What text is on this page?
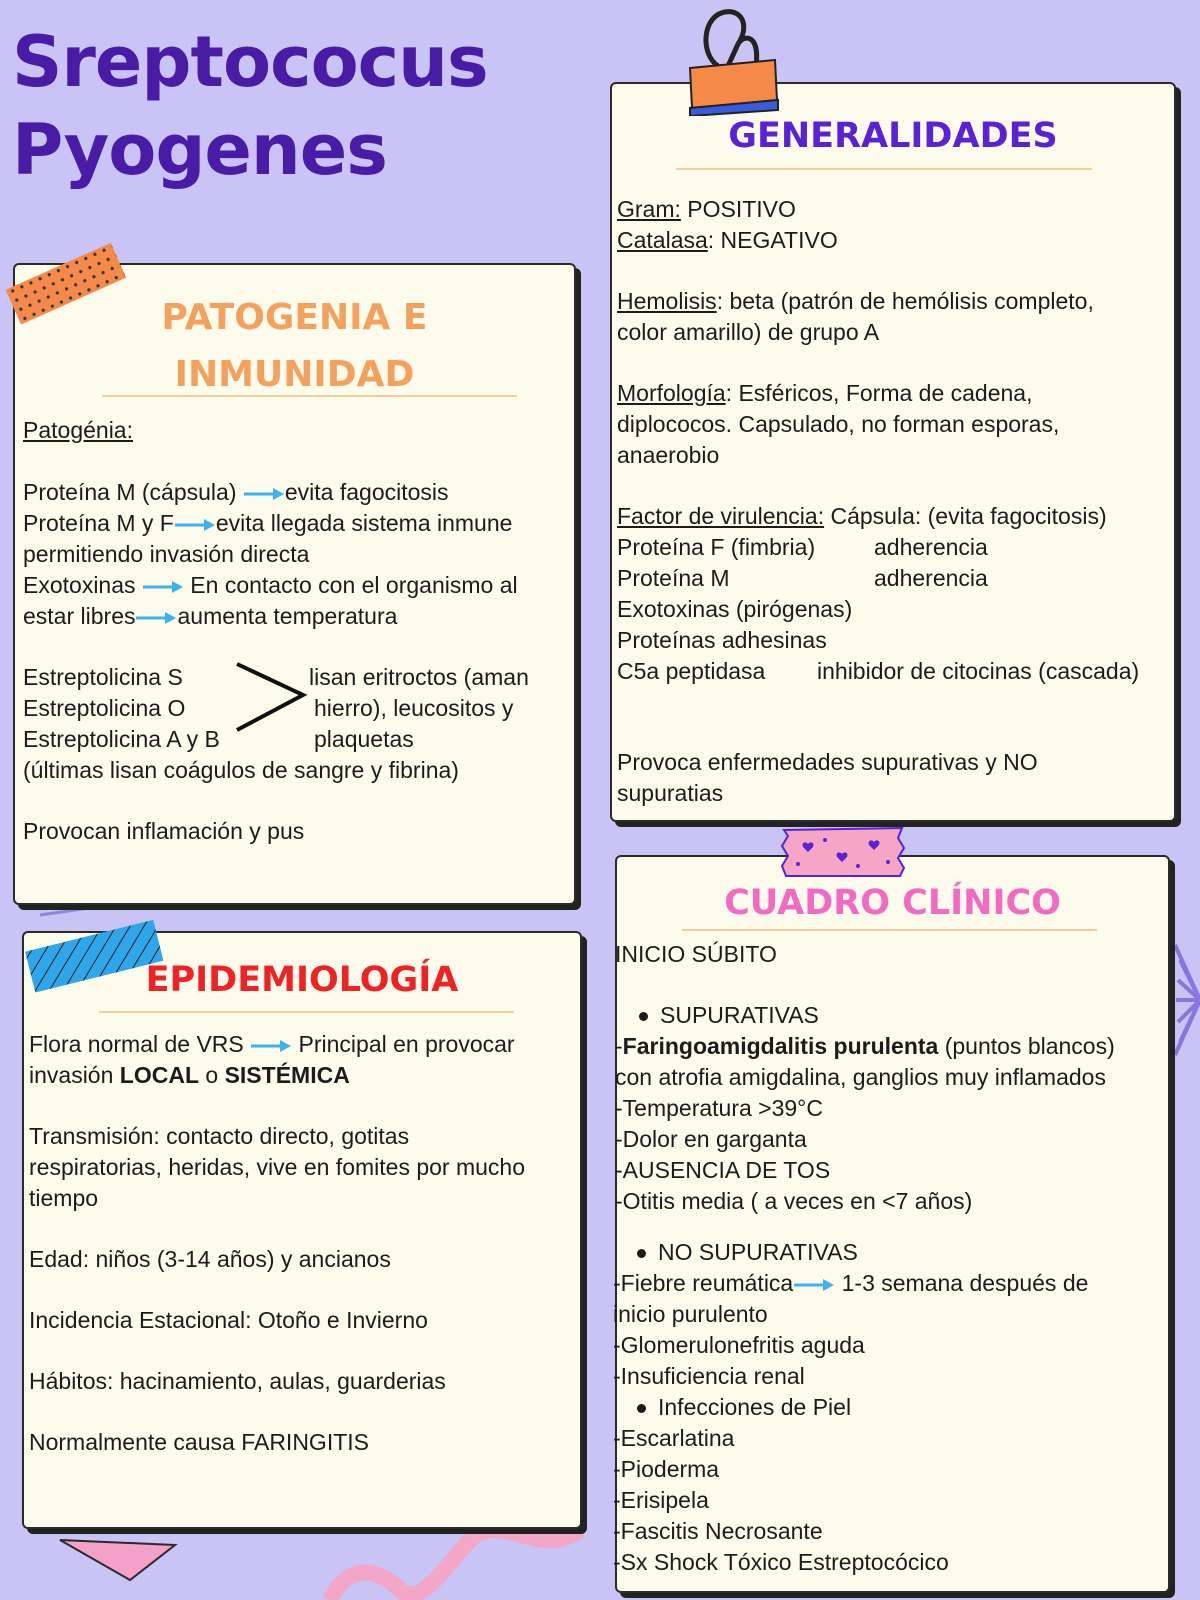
Sreptococus
Pyogenes
PATOGENIA E
INMUNIDAD
Patogénia:
Proteína M (cápsula) evita fagocitosis
Proteína M y F evita llegada sistema inmune
permitiendo invasión directa
Exotoxinas En contacto con el organismo al
estar libres aumenta temperatura
Estreptolicina S
Estreptolicina O
Estreptolicina A y B
lisan eritroctos (aman
hierro), leucositos y
plaquetas
(últimas lisan coágulos de sangre y fibrina)
Provocan inflamación y pus
GENERALIDADES
Gram: POSITIVO
Catalasa: NEGATIVO
Hemolisis: beta (patrón de hemólisis completo,
color amarillo) de grupo A
Morfología: Esféricos, Forma de cadena,
diplococos. Capsulado, no forman esporas,
anaerobio
Factor de virulencia: Cápsula: (evita fagocitosis)
Proteína F (fimbria)	adherencia
Proteína M	adherencia
Exotoxinas (pirógenas)
Proteínas adhesinas
C5a peptidasa inhibidor de citocinas (cascada)
Provoca enfermedades supurativas y NO
supuratias
EPIDEMIOLOGÍA
Flora normal de VRS Principal en provocar
invasión LOCAL o SISTÉMICA
Transmisión: contacto directo, gotitas
respiratorias, heridas, vive en fomites por mucho
tiempo
Edad: niños (3-14 años) y ancianos
Incidencia Estacional: Otoño e Invierno
Hábitos: hacinamiento, aulas, guarderias
Normalmente causa FARINGITIS
CUADRO CLÍNICO
INICIO SÚBITO
SUPURATIVAS
-Faringoamigdalitis purulenta (puntos blancos)
con atrofia amigdalina, ganglios muy inflamados
-Temperatura >39°C
-Dolor en garganta
-AUSENCIA DE TOS
-Otitis media ( a veces en <7 años)
NO SUPURATIVAS
-Fiebre reumática 1-3 semana después de
inicio purulento
-Glomerulonefritis aguda
-Insuficiencia renal
Infecciones de Piel
-Escarlatina
-Pioderma
-Erisipela
-Fascitis Necrosante
-Sx Shock Tóxico Estreptocócico
